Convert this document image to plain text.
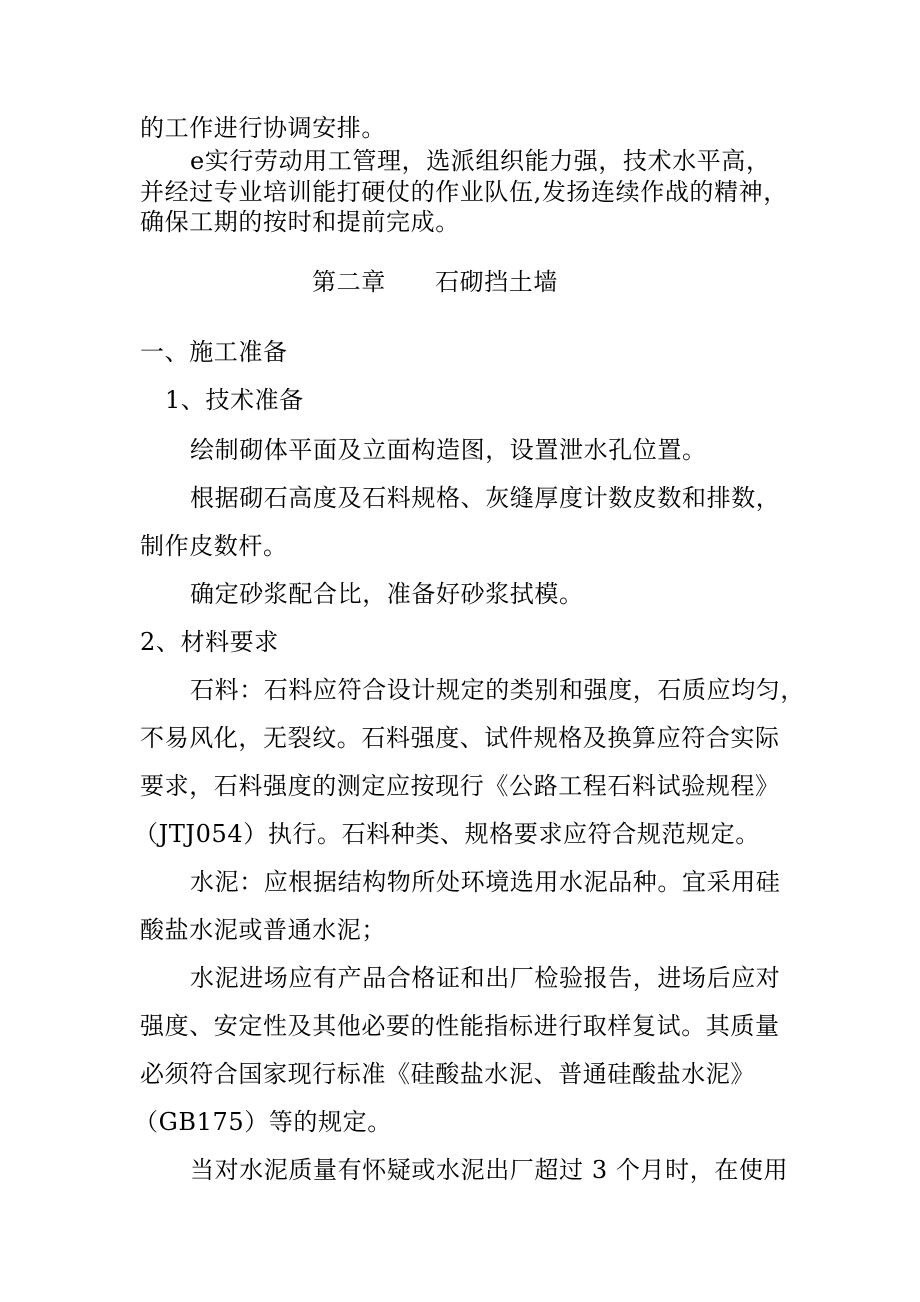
的工作进行协调安排。
e实行劳动用工管理，选派组织能力强，技术水平高，
并经过专业培训能打硬仗的作业队伍,发扬连续作战的精神，
确保工期的按时和提前完成。
第二章　　石砌挡土墙
一、施工准备
1、技术准备
绘制砌体平面及立面构造图，设置泄水孔位置。
根据砌石高度及石料规格、灰缝厚度计数皮数和排数，
制作皮数杆。
确定砂浆配合比，准备好砂浆拭模。
2、材料要求
石料：石料应符合设计规定的类别和强度，石质应均匀，
不易风化，无裂纹。石料强度、试件规格及换算应符合实际
要求，石料强度的测定应按现行《公路工程石料试验规程》
（JTJ054）执行。石料种类、规格要求应符合规范规定。
水泥：应根据结构物所处环境选用水泥品种。宜采用硅
酸盐水泥或普通水泥；
水泥进场应有产品合格证和出厂检验报告，进场后应对
强度、安定性及其他必要的性能指标进行取样复试。其质量
必须符合国家现行标准《硅酸盐水泥、普通硅酸盐水泥》
（GB175）等的规定。
当对水泥质量有怀疑或水泥出厂超过 3 个月时，在使用
